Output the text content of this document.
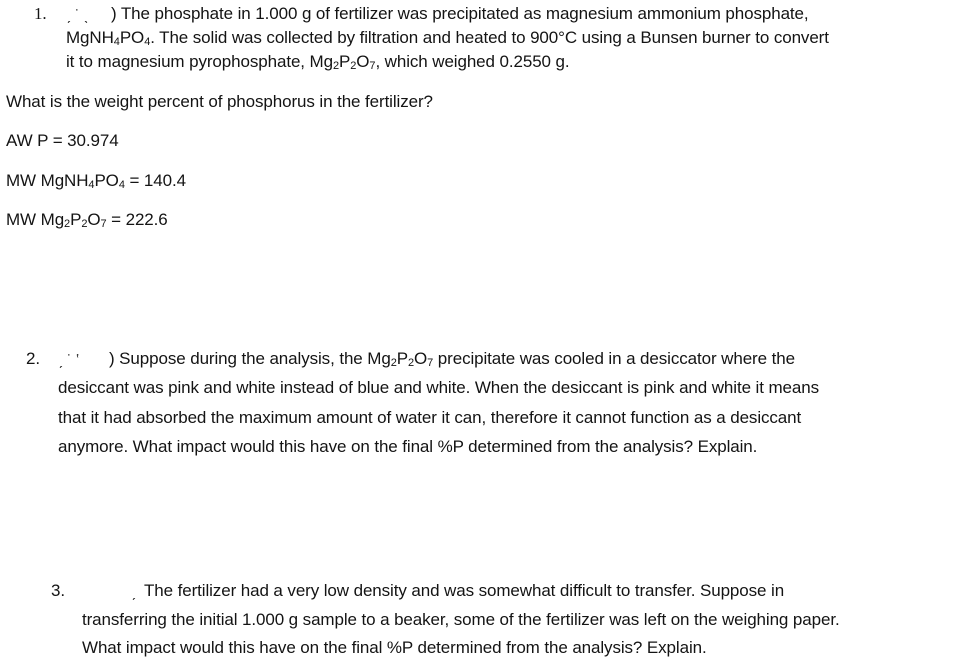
1. ˏ ˙ ˎ ) The phosphate in 1.000 g of fertilizer was precipitated as magnesium ammonium phosphate,
$MgNH_4PO_4$. The solid was collected by filtration and heated to 900°C using a Bunsen burner to convert
it to magnesium pyrophosphate, $Mg_2P_2O_7$, which weighed 0.2550 g.
What is the weight percent of phosphorus in the fertilizer?
AW P = 30.974
MW $MgNH_4PO_4 = 140.4$
MW $Mg_2P_2O_7 = 222.6$
2. ˏ ˙ ʽ ) Suppose during the analysis, the $Mg_2P_2O_7$ precipitate was cooled in a desiccator where the
desiccant was pink and white instead of blue and white. When the desiccant is pink and white it means
that it had absorbed the maximum amount of water it can, therefore it cannot function as a desiccant
anymore. What impact would this have on the final %P determined from the analysis? Explain.
3.	ˏ The fertilizer had a very low density and was somewhat difficult to transfer. Suppose in
transferring the initial 1.000 g sample to a beaker, some of the fertilizer was left on the weighing paper.
What impact would this have on the final %P determined from the analysis? Explain.
